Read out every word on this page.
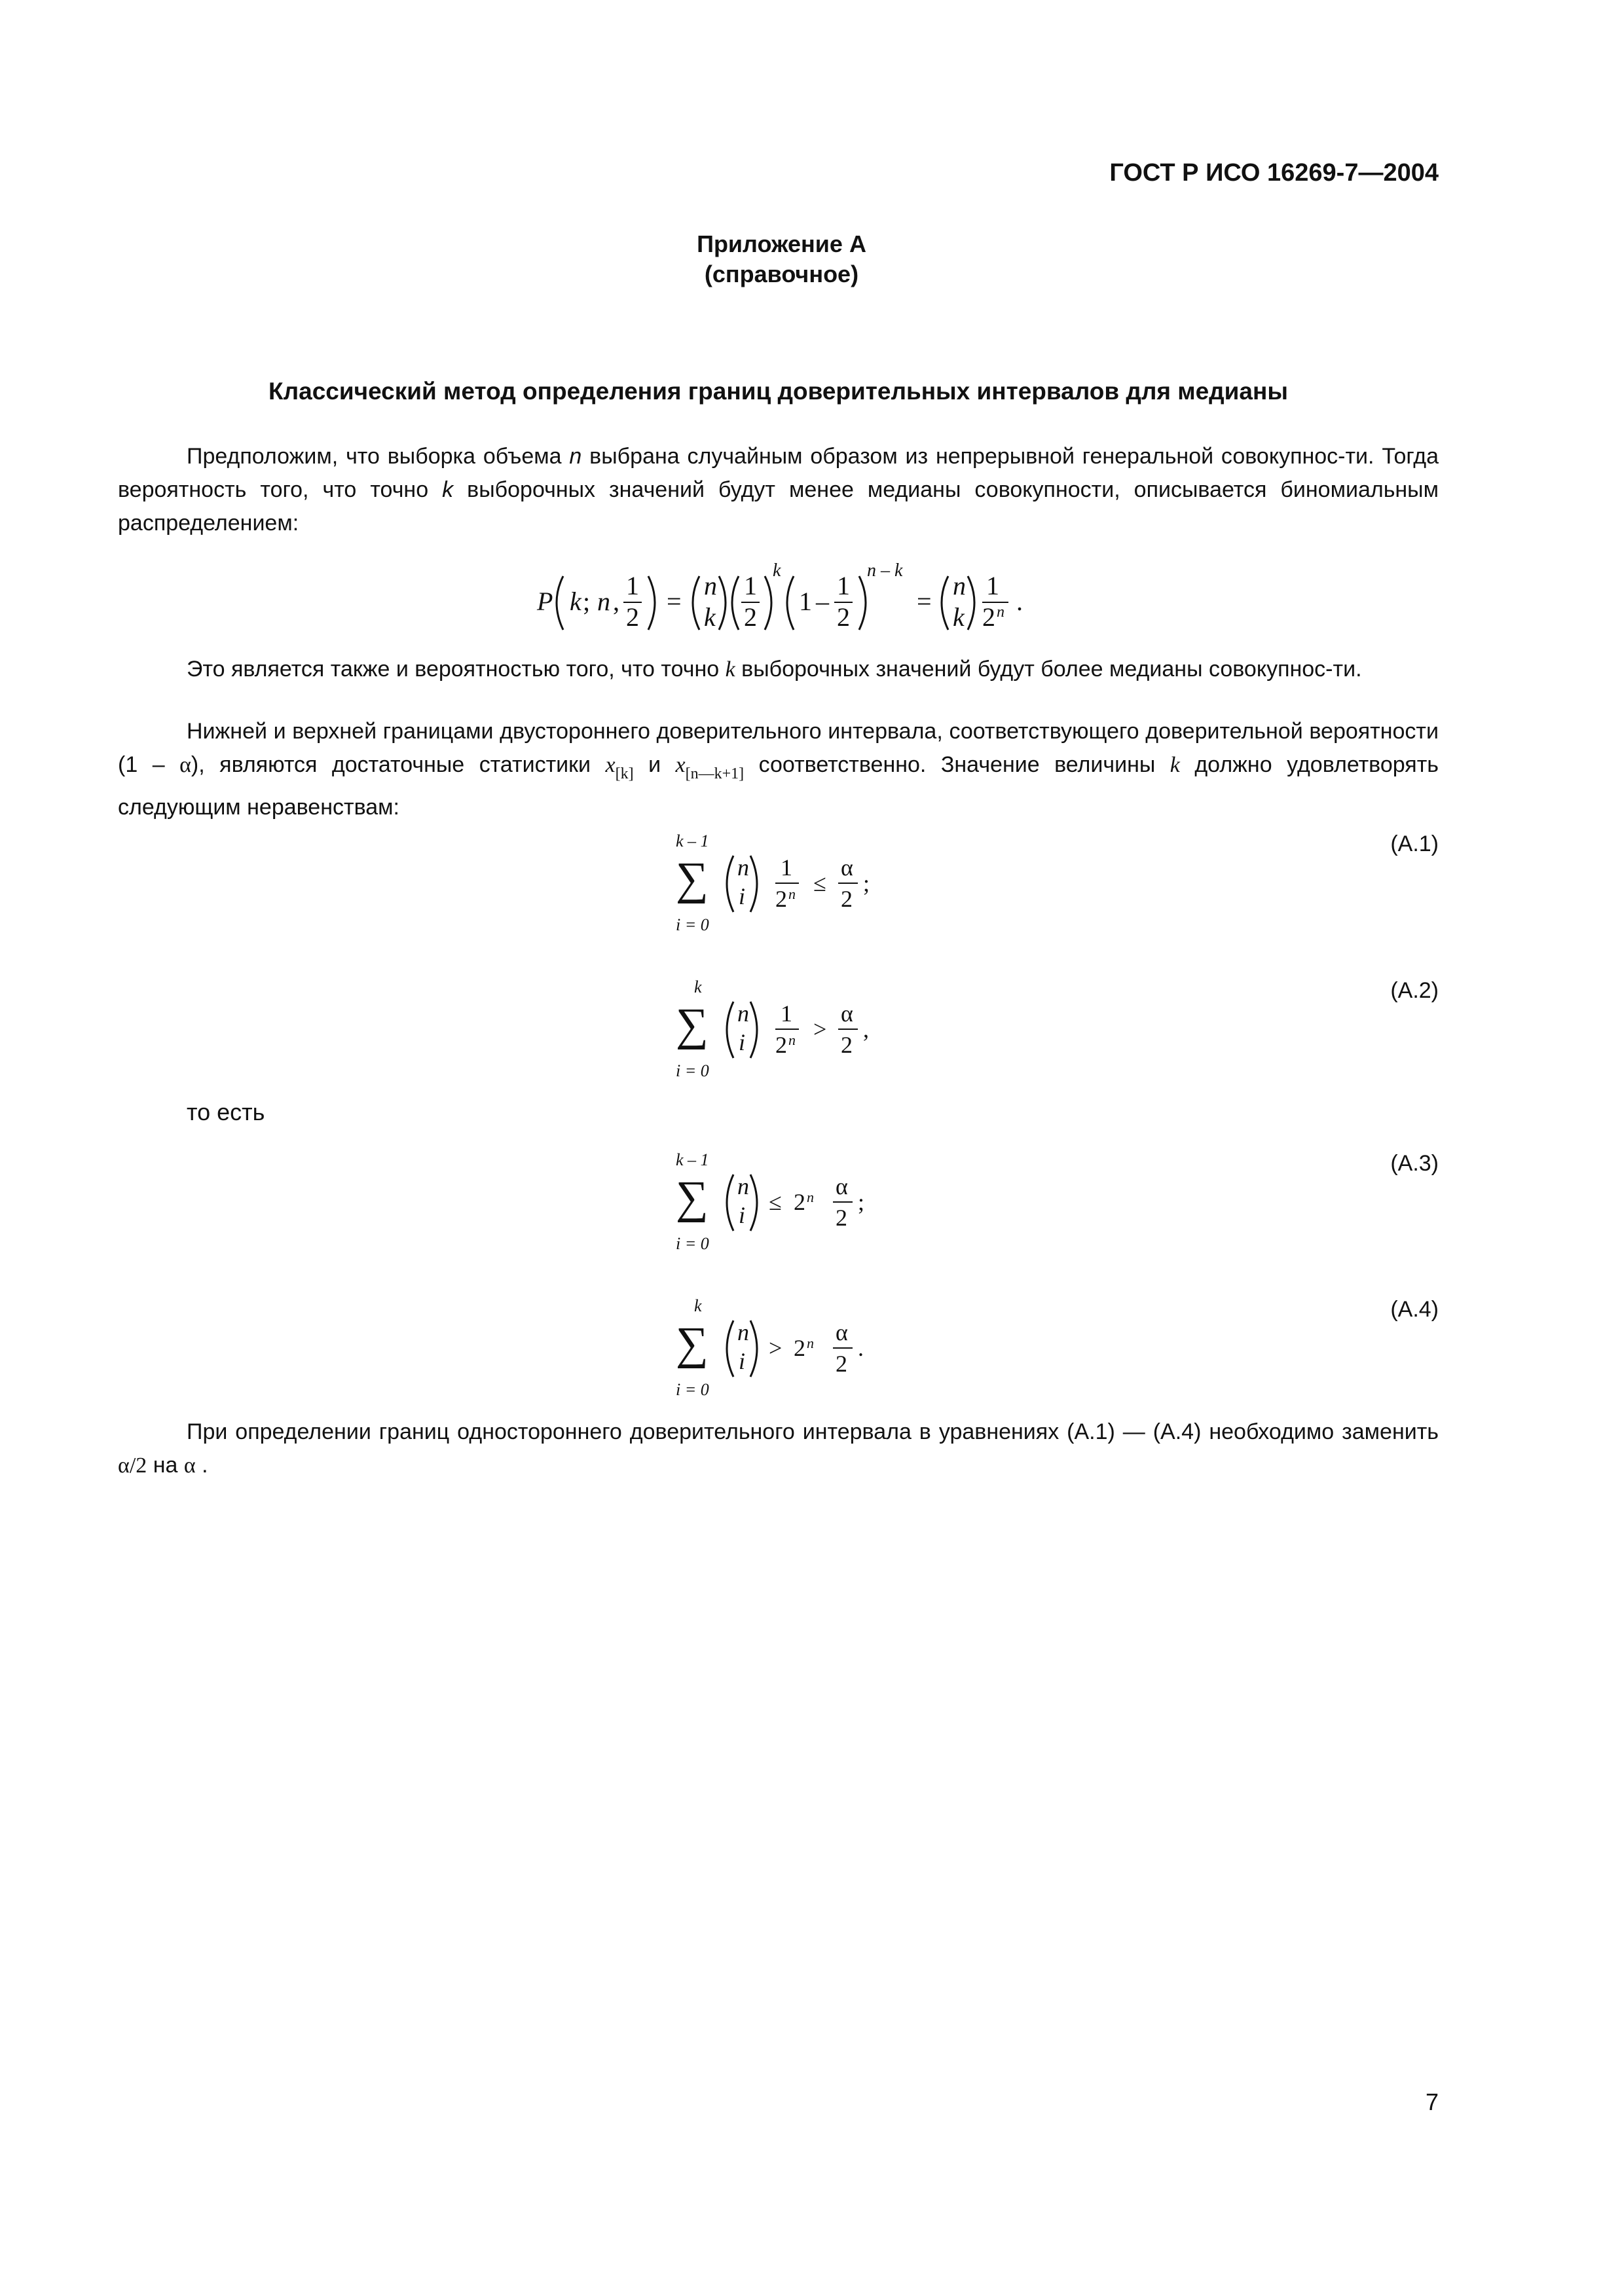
ГОСТ Р ИСО 16269-7—2004
Приложение А
(справочное)
Классический метод определения границ доверительных интервалов для медианы
Предположим, что выборка объема n выбрана случайным образом из непрерывной генеральной совокупнос-ти. Тогда вероятность того, что точно k выборочных значений будут менее медианы совокупности, описывается биномиальным распределением:
P k ; n ,
1
2
=
n
k
1
2
k
1 –
1
2
n – k
=
n
k
1
2 n .
Это является также и вероятностью того, что точно k выборочных значений будут более медианы совокупнос-ти.
Нижней и верхней границами двустороннего доверительного интервала, соответствующего доверительной вероятности (1 – α), являются достаточные статистики $x_{[k]}$ и $x_{[n—k+1]}$ соответственно. Значение величины k должно удовлетворять следующим неравенствам:
k – 1
∑
i = 0
n
i
1
2 n ≤
α
2
;
(A.1)
k
∑
i = 0
n
i
1
2 n >
α
2
,
(A.2)
то есть
k – 1
∑
i = 0
n
i ≤ 2 n α
2
;
(A.3)
k
∑
i = 0
n
i > 2 n α
2
.
(A.4)
При определении границ одностороннего доверительного интервала в уравнениях (A.1) — (A.4) необходимо заменить α/2 на α .
7
